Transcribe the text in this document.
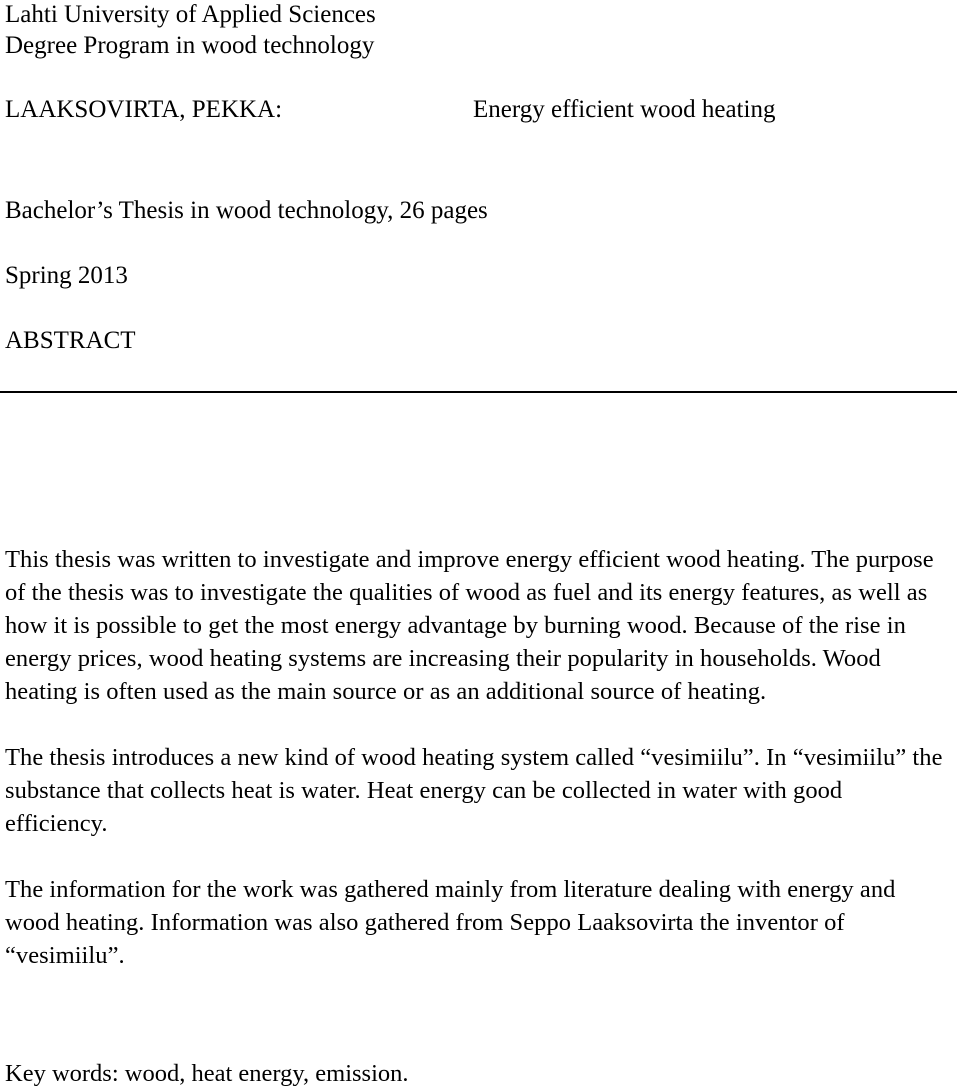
Lahti University of Applied Sciences
Degree Program in wood technology
LAAKSOVIRTA, PEKKA:	Energy efficient wood heating
Bachelor’s Thesis in wood technology, 26 pages
Spring 2013
ABSTRACT

This thesis was written to investigate and improve energy efficient wood heating. The purpose of the thesis was to investigate the qualities of wood as fuel and its energy features, as well as how it is possible to get the most energy advantage by burning wood. Because of the rise in energy prices, wood heating systems are increasing their popularity in households. Wood heating is often used as the main source or as an additional source of heating.

The thesis introduces a new kind of wood heating system called “vesimiilu”. In “vesimiilu” the substance that collects heat is water. Heat energy can be collected in water with good efficiency.

The information for the work was gathered mainly from literature dealing with energy and wood heating. Information was also gathered from Seppo Laaksovirta the inventor of “vesimiilu”.

Key words: wood, heat energy, emission.
